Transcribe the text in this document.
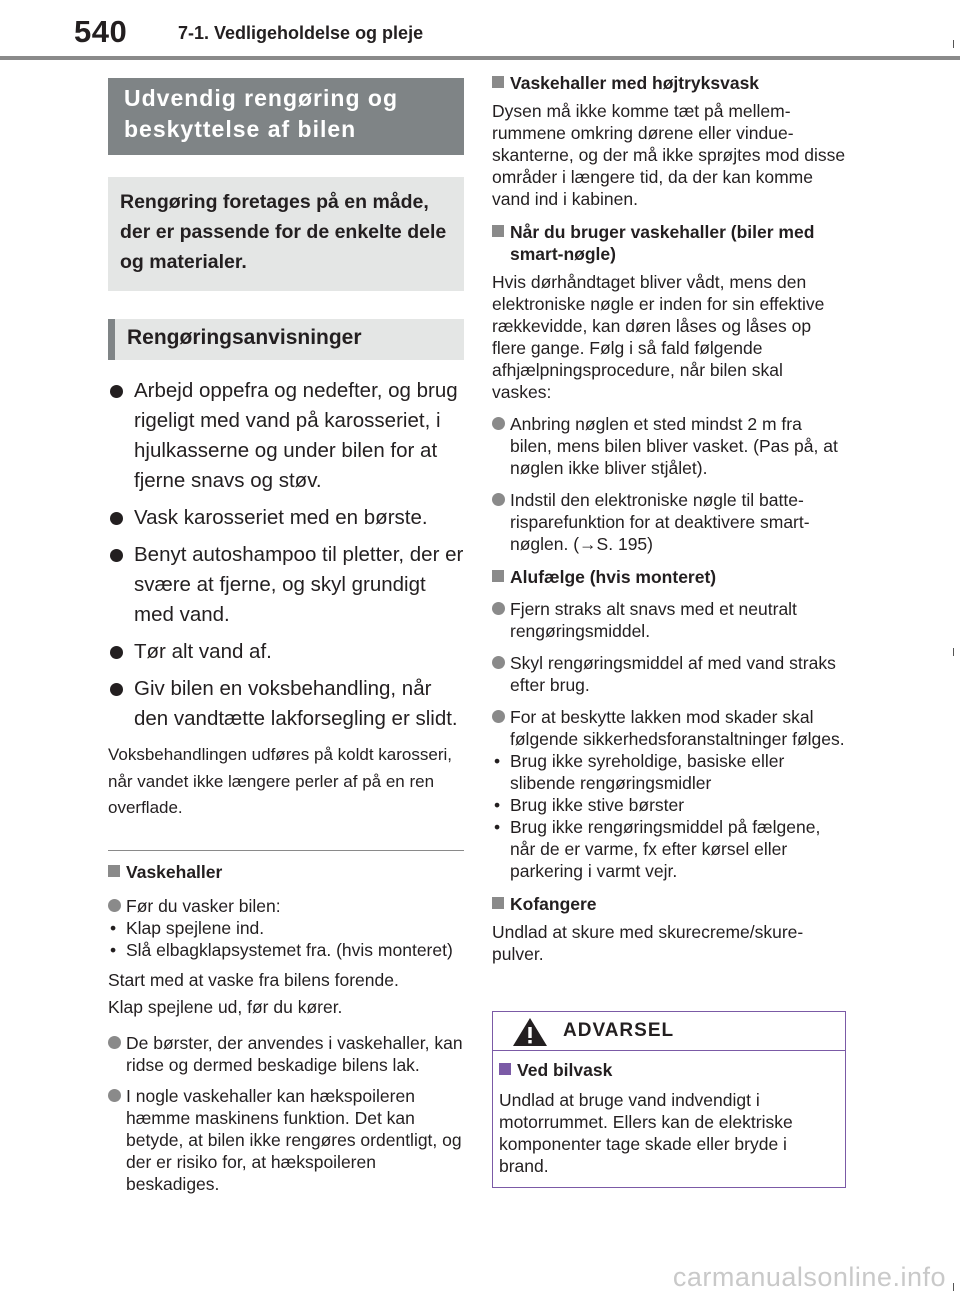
540	7-1. Vedligeholdelse og pleje
Udvendig rengøring og beskyttelse af bilen
Rengøring foretages på en måde, der er passende for de enkelte dele og materialer.
Rengøringsanvisninger
Arbejd oppefra og nedefter, og brug rigeligt med vand på karosseriet, i hjulkasserne og under bilen for at fjerne snavs og støv.
Vask karosseriet med en børste.
Benyt autoshampoo til pletter, der er svære at fjerne, og skyl grundigt med vand.
Tør alt vand af.
Giv bilen en voksbehandling, når den vandtætte lakforsegling er slidt.
Voksbehandlingen udføres på koldt karosseri, når vandet ikke længere perler af på en ren overflade.
Vaskehaller
Før du vasker bilen:
• Klap spejlene ind.
• Slå elbagklapsystemet fra. (hvis monteret)
Start med at vaske fra bilens forende.
Klap spejlene ud, før du kører.
De børster, der anvendes i vaskehaller, kan ridse og dermed beskadige bilens lak.
I nogle vaskehaller kan hækspoileren hæmme maskinens funktion. Det kan betyde, at bilen ikke rengøres ordentligt, og der er risiko for, at hækspoileren beskadiges.
Vaskehaller med højtryksvask
Dysen må ikke komme tæt på mellemrummene omkring dørene eller vindueskanterne, og der må ikke sprøjtes mod disse områder i længere tid, da der kan komme vand ind i kabinen.
Når du bruger vaskehaller (biler med smart-nøgle)
Hvis dørhåndtaget bliver vådt, mens den elektroniske nøgle er inden for sin effektive rækkevidde, kan døren låses og låses op flere gange. Følg i så fald følgende afhjælpningsprocedure, når bilen skal vaskes:
Anbring nøglen et sted mindst 2 m fra bilen, mens bilen bliver vasket. (Pas på, at nøglen ikke bliver stjålet).
Indstil den elektroniske nøgle til batterisparefunktion for at deaktivere smart-nøglen. (→S. 195)
Alufælge (hvis monteret)
Fjern straks alt snavs med et neutralt rengøringsmiddel.
Skyl rengøringsmiddel af med vand straks efter brug.
For at beskytte lakken mod skader skal følgende sikkerhedsforanstaltninger følges.
• Brug ikke syreholdige, basiske eller slibende rengøringsmidler
• Brug ikke stive børster
• Brug ikke rengøringsmiddel på fælgene, når de er varme, fx efter kørsel eller parkering i varmt vejr.
Kofangere
Undlad at skure med skurecreme/skurepulver.
ADVARSEL
Ved bilvask
Undlad at bruge vand indvendigt i motorrummet. Ellers kan de elektriske komponenter tage skade eller bryde i brand.
carmanualsonline.info
